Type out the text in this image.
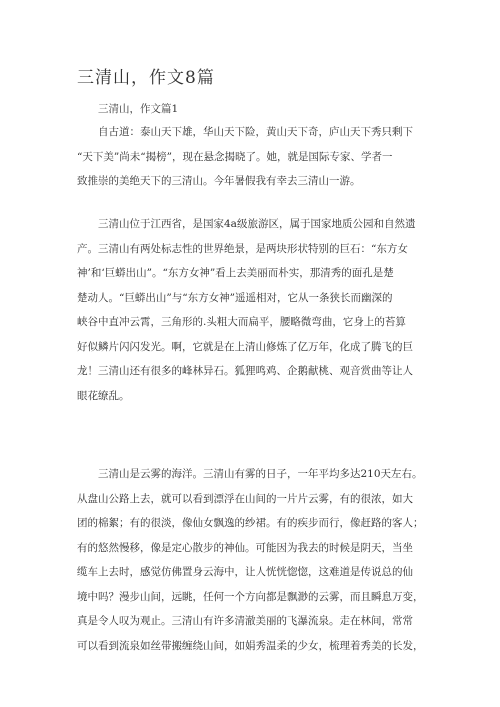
三清山，作文8篇
三清山，作文篇1
自古道：泰山天下雄，华山天下险，黄山天下奇，庐山天下秀只剩下
“天下美”尚未“揭榜”，现在悬念揭晓了。她，就是国际专家、学者一
致推崇的美绝天下的三清山。今年暑假我有幸去三清山一游。
三清山位于江西省，是国家4a级旅游区，属于国家地质公园和自然遗
产。三清山有两处标志性的世界绝景，是两块形状特别的巨石：“东方女
神’和‘巨蟒出山”。“东方女神”看上去美丽而朴实，那清秀的面孔是楚
楚动人。“巨蟒出山”与“东方女神”遥遥相对，它从一条狭长而幽深的
峡谷中直冲云霄，三角形的.头粗大而扁平，腰略微弯曲，它身上的苔算
好似鳞片闪闪发光。啊，它就是在上清山修炼了亿万年，化成了腾飞的巨
龙！三清山还有很多的峰林异石。狐狸鸣鸡、企鹅献桃、观音赏曲等让人
眼花缭乱。
三清山是云雾的海洋。三清山有雾的日子，一年平均多达210天左右。
从盘山公路上去，就可以看到漂浮在山间的一片片云雾，有的很浓，如大
团的棉絮；有的很淡，像仙女飘逸的纱裙。有的疾步而行，像赶路的客人；
有的悠然慢移，像是定心散步的神仙。可能因为我去的时候是阴天，当坐
缆车上去时，感觉仿佛置身云海中，让人恍恍惚惚，这难道是传说总的仙
境中吗？漫步山间，远眺，任何一个方向都是飘渺的云雾，而且瞬息万变，
真是令人叹为观止。三清山有许多清澈美丽的飞瀑流泉。走在林间，常常
可以看到流泉如丝带搬缠绕山间，如娟秀温柔的少女，梳理着秀美的长发，
